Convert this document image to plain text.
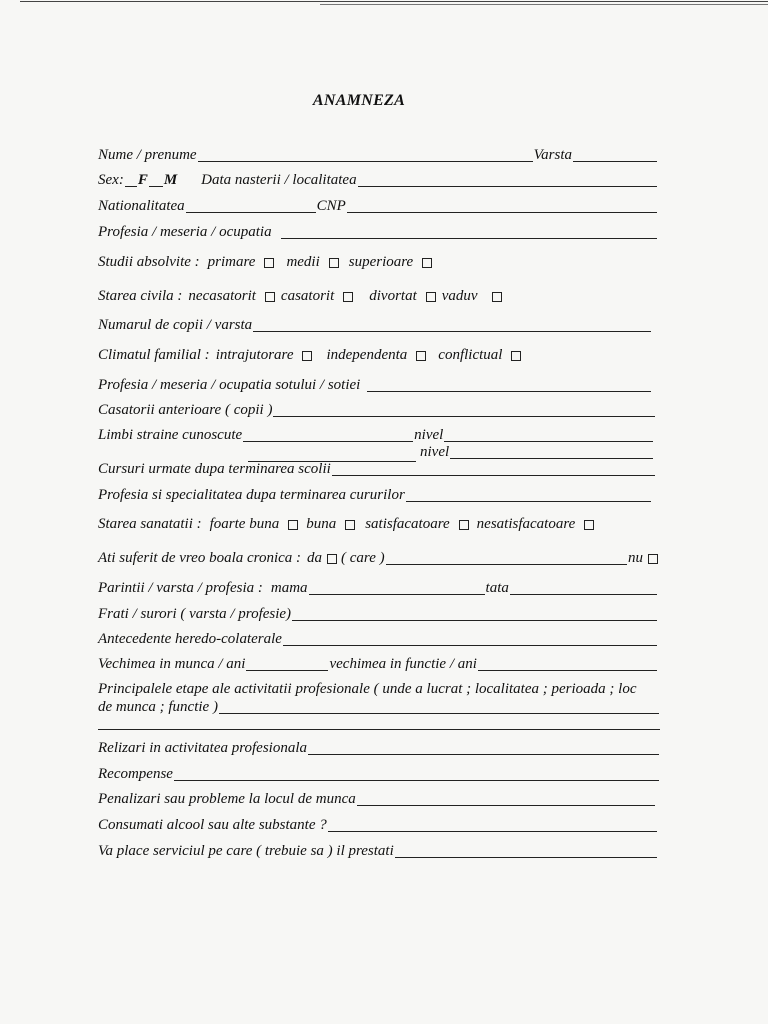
ANAMNEZA
Nume / prenume	Varsta
Sex: F M Data nasterii / localitatea
Nationalitatea	CNP
Profesia / meseria / ocupatia
Studii absolvite : primare medii superioare
Starea civila : necasatorit casatorit divortat vaduv
Numarul de copii / varsta
Climatul familial : intrajutorare independenta conflictual
Profesia / meseria / ocupatia sotului / sotiei
Casatorii anterioare ( copii )
Limbi straine cunoscute	nivel
nivel
Cursuri urmate dupa terminarea scolii
Profesia si specialitatea dupa terminarea cururilor
Starea sanatatii : foarte buna buna satisfacatoare nesatisfacatoare
Ati suferit de vreo boala cronica : da ( care )	nu
Parintii / varsta / profesia : mama	tata
Frati / surori ( varsta / profesie)
Antecedente heredo-colaterale
Vechimea in munca / ani	vechimea in functie / ani
Principalele etape ale activitatii profesionale ( unde a lucrat ; localitatea ; perioada ; loc
de munca ; functie )
Relizari in activitatea profesionala
Recompense
Penalizari sau probleme la locul de munca
Consumati alcool sau alte substante ?
Va place serviciul pe care ( trebuie sa ) il prestati
